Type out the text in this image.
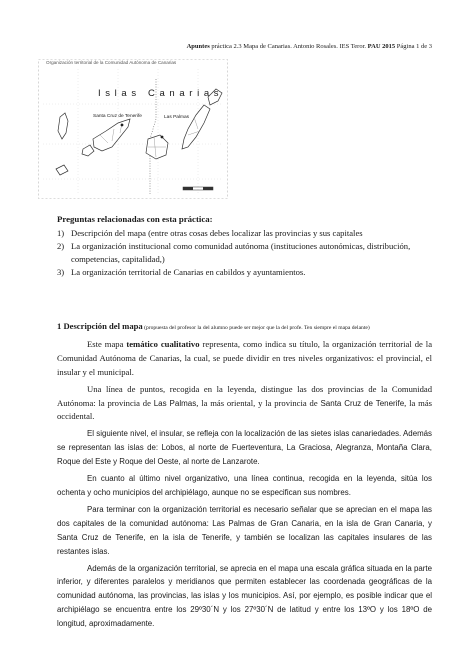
Apuntes práctica 2.3 Mapa de Canarias. Antonio Rosales. IES Teror. PAU 2015 Página 1 de 3
Organización territorial de la Comunidad Autónoma de Canarias
I s l a s   C a n a r i a s
Santa Cruz de Tenerife	Las Palmas
Preguntas relacionadas con esta práctica:
1) Descripción del mapa (entre otras cosas debes localizar las provincias y sus capitales
2) La organización institucional como comunidad autónoma (instituciones autonómicas, distribución, competencias, capitalidad,)
3) La organización territorial de Canarias en cabildos y ayuntamientos.
1 Descripción del mapa (propuesta del profesor la del alumno puede ser mejor que la del profe. Ten siempre el mapa delante)

Este mapa temático cualitativo representa, como indica su título, la organización territorial de la Comunidad Autónoma de Canarias, la cual, se puede dividir en tres niveles organizativos: el provincial, el insular y el municipal.

Una línea de puntos, recogida en la leyenda, distingue las dos provincias de la Comunidad Autónoma: la provincia de Las Palmas, la más oriental, y la provincia de Santa Cruz de Tenerife, la más occidental.

El siguiente nivel, el insular, se refleja con la localización de las sietes islas canariedades. Además se representan las islas de: Lobos, al norte de Fuerteventura, La Graciosa, Alegranza, Montaña Clara, Roque del Este y Roque del Oeste, al norte de Lanzarote.

En cuanto al último nivel organizativo, una línea continua, recogida en la leyenda, sitúa los ochenta y ocho municipios del archipiélago, aunque no se especifican sus nombres.

Para terminar con la organización territorial es necesario señalar que se aprecian en el mapa las dos capitales de la comunidad autónoma: Las Palmas de Gran Canaria, en la isla de Gran Canaria, y Santa Cruz de Tenerife, en la isla de Tenerife, y también se localizan las capitales insulares de las restantes islas.

Además de la organización territorial, se aprecia en el mapa una escala gráfica situada en la parte inferior, y diferentes paralelos y meridianos que permiten establecer las coordenada geográficas de la comunidad autónoma, las provincias, las islas y los municipios. Así, por ejemplo, es posible indicar que el archipiélago se encuentra entre los 29º30´N y los 27º30´N de latitud y entre los 13ºO y los 18ºO de longitud, aproximadamente.
